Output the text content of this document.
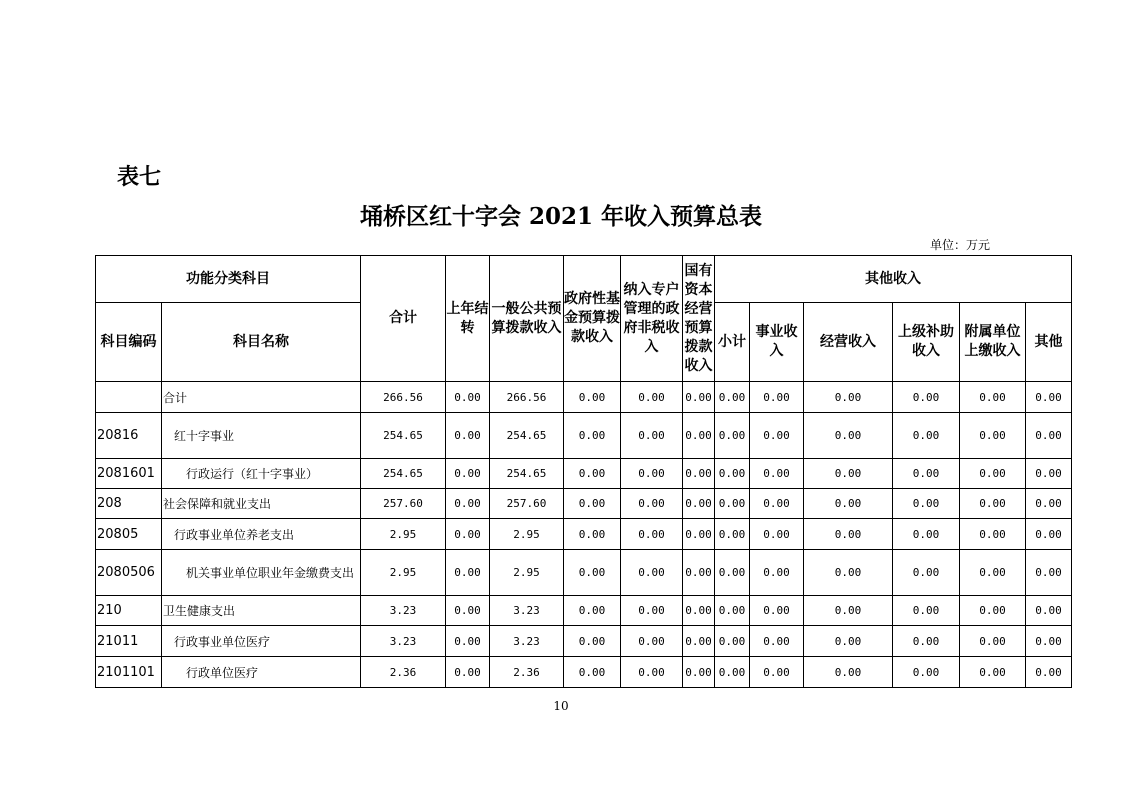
表七
埇桥区红十字会 2021 年收入预算总表
单位：万元
功能分类科目		合计	上年结转	一般公共预算拨款收入	政府性基金预算拨款收入	纳入专户管理的政府非税收入	国有资本经营预算拨款收入	其他收入					
科目编码	科目名称							小计	事业收入	经营收入	上级补助收入	附属单位上缴收入	其他
	合计	266.56	0.00	266.56	0.00	0.00	0.00	0.00	0.00	0.00	0.00	0.00	0.00
20816	红十字事业	254.65	0.00	254.65	0.00	0.00	0.00	0.00	0.00	0.00	0.00	0.00	0.00
2081601	行政运行（红十字事业）	254.65	0.00	254.65	0.00	0.00	0.00	0.00	0.00	0.00	0.00	0.00	0.00
208	社会保障和就业支出	257.60	0.00	257.60	0.00	0.00	0.00	0.00	0.00	0.00	0.00	0.00	0.00
20805	行政事业单位养老支出	2.95	0.00	2.95	0.00	0.00	0.00	0.00	0.00	0.00	0.00	0.00	0.00
2080506	机关事业单位职业年金缴费支出	2.95	0.00	2.95	0.00	0.00	0.00	0.00	0.00	0.00	0.00	0.00	0.00
210	卫生健康支出	3.23	0.00	3.23	0.00	0.00	0.00	0.00	0.00	0.00	0.00	0.00	0.00
21011	行政事业单位医疗	3.23	0.00	3.23	0.00	0.00	0.00	0.00	0.00	0.00	0.00	0.00	0.00
2101101	行政单位医疗	2.36	0.00	2.36	0.00	0.00	0.00	0.00	0.00	0.00	0.00	0.00	0.00
10
